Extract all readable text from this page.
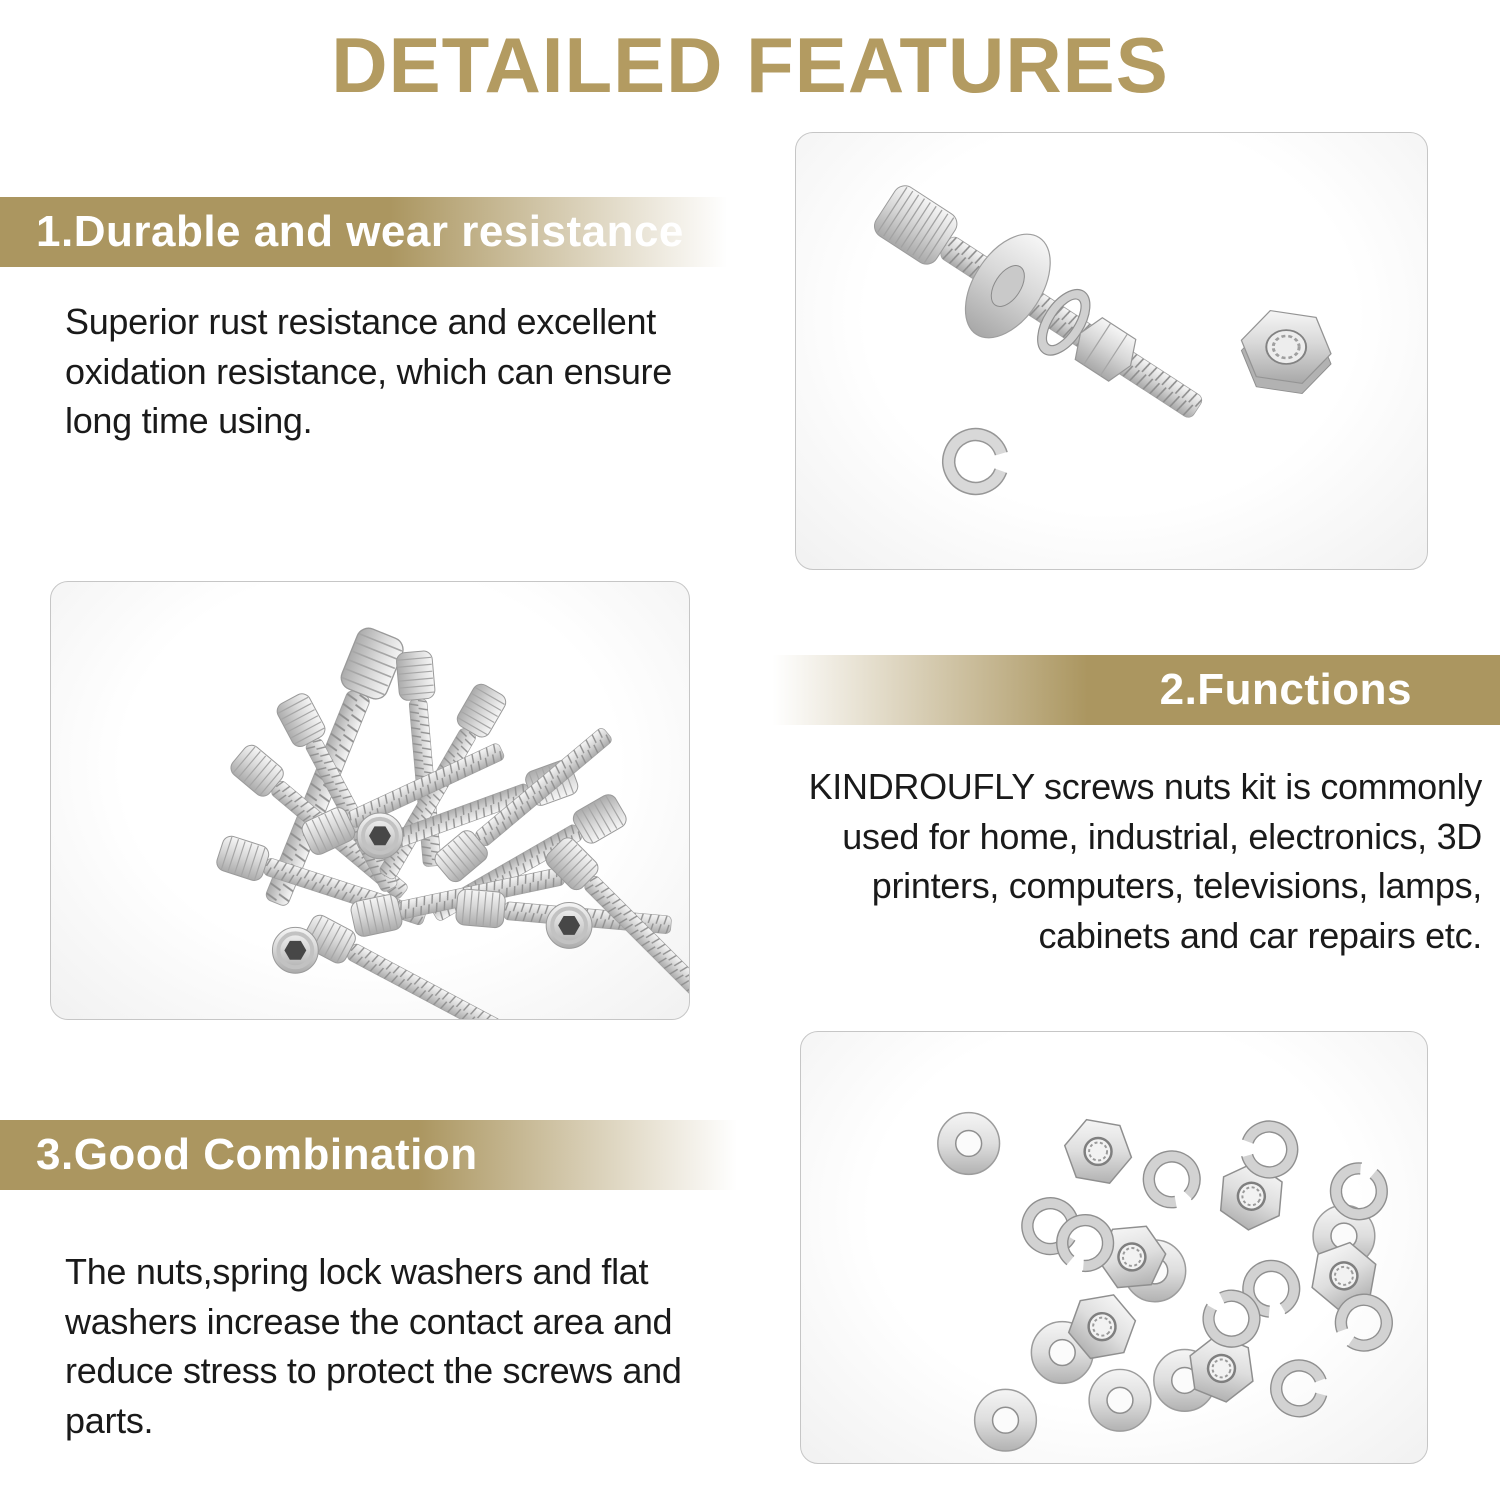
DETAILED FEATURES
1.Durable and wear resistance
Superior rust resistance and excellent
oxidation resistance, which can ensure
long time using.
2.Functions
KINDROUFLY screws nuts kit is commonly
used for home, industrial, electronics, 3D
printers, computers, televisions, lamps,
cabinets and car repairs etc.
3.Good Combination
The nuts,spring lock washers and flat
washers increase the contact area and
reduce stress to protect the screws and
parts.
